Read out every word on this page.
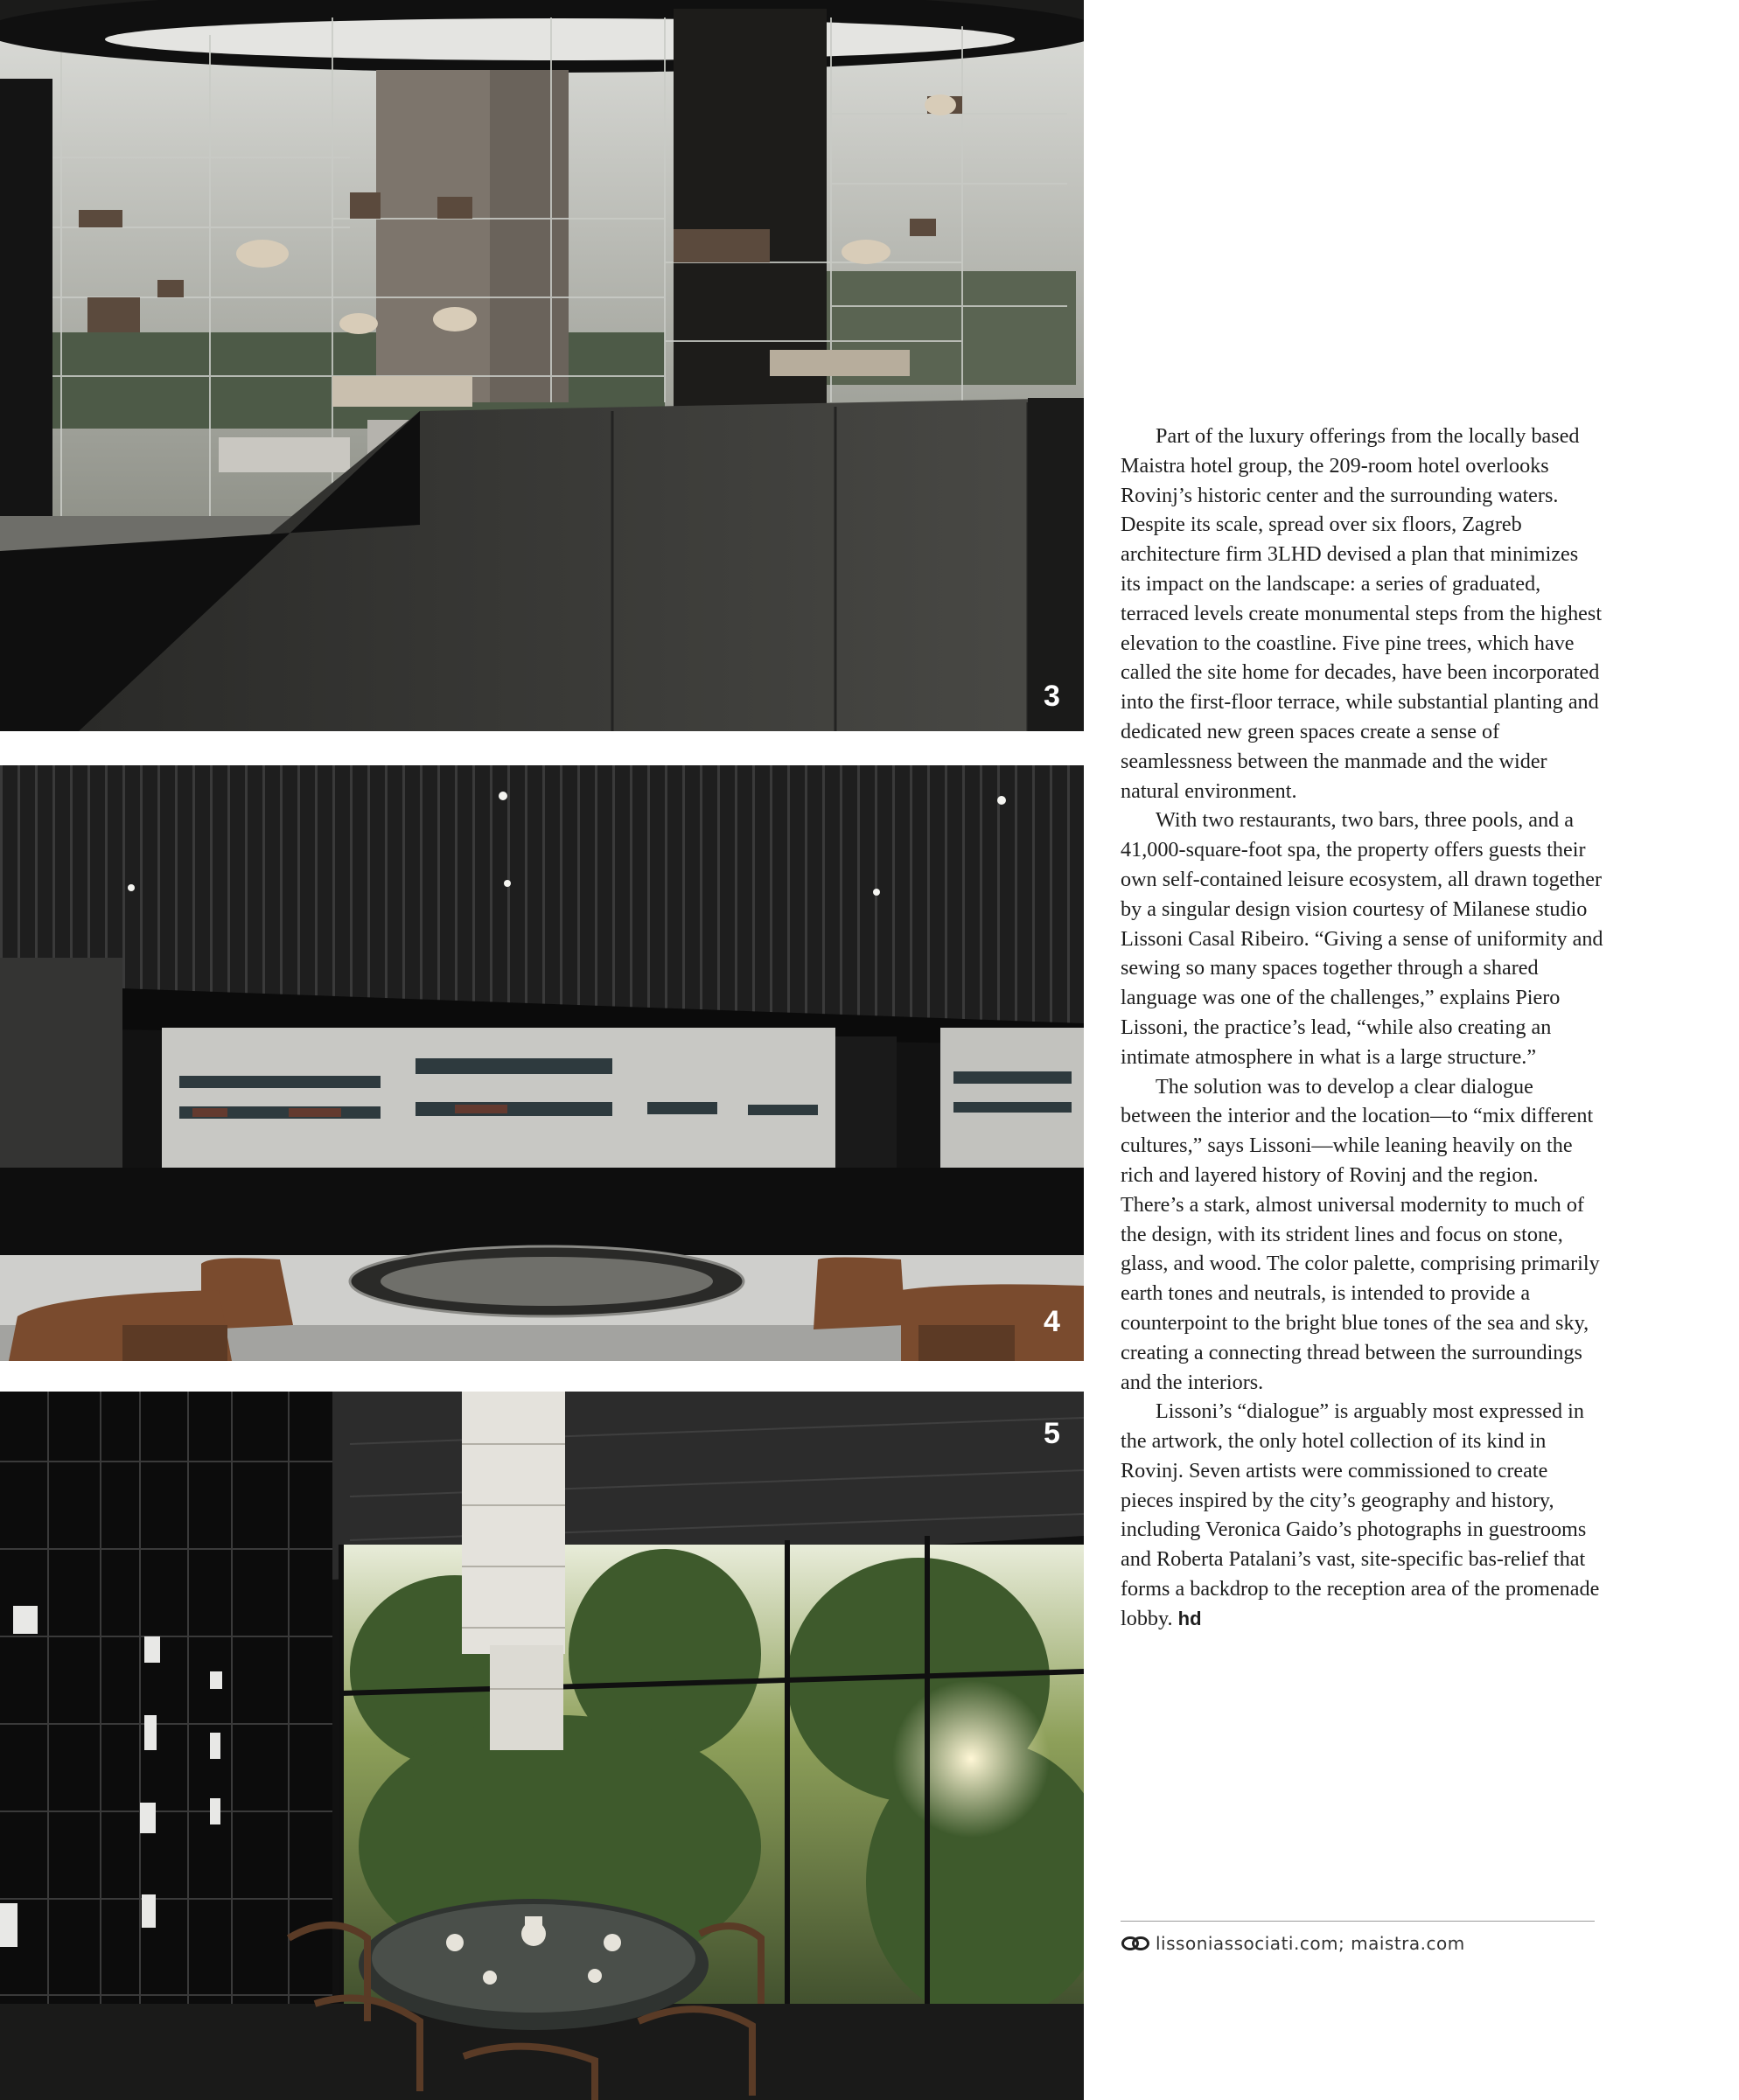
3
4
5

Part of the luxury offerings from the locally based Maistra hotel group, the 209-room hotel overlooks Rovinj’s historic center and the surrounding waters. Despite its scale, spread over six floors, Zagreb architecture firm 3LHD devised a plan that minimizes its impact on the landscape: a series of graduated, terraced levels create monumental steps from the highest elevation to the coastline. Five pine trees, which have called the site home for decades, have been incorporated into the first-floor terrace, while substantial planting and dedicated new green spaces create a sense of seamlessness between the manmade and the wider natural environment.

With two restaurants, two bars, three pools, and a 41,000-square-foot spa, the property offers guests their own self-contained leisure ecosystem, all drawn together by a singular design vision courtesy of Milanese studio Lissoni Casal Ribeiro. “Giving a sense of uniformity and sewing so many spaces together through a shared language was one of the challenges,” explains Piero Lissoni, the practice’s lead, “while also creating an intimate atmosphere in what is a large structure.”

The solution was to develop a clear dialogue between the interior and the location—to “mix different cultures,” says Lissoni—while leaning heavily on the rich and layered history of Rovinj and the region. There’s a stark, almost universal modernity to much of the design, with its strident lines and focus on stone, glass, and wood. The color palette, comprising primarily earth tones and neutrals, is intended to provide a counterpoint to the bright blue tones of the sea and sky, creating a connecting thread between the surroundings and the interiors.

Lissoni’s “dialogue” is arguably most expressed in the artwork, the only hotel collection of its kind in Rovinj. Seven artists were commissioned to create pieces inspired by the city’s geography and history, including Veronica Gaido’s photographs in guestrooms and Roberta Patalani’s vast, site-specific bas-relief that forms a backdrop to the reception area of the promenade lobby. hd

lissoniassociati.com; maistra.com
